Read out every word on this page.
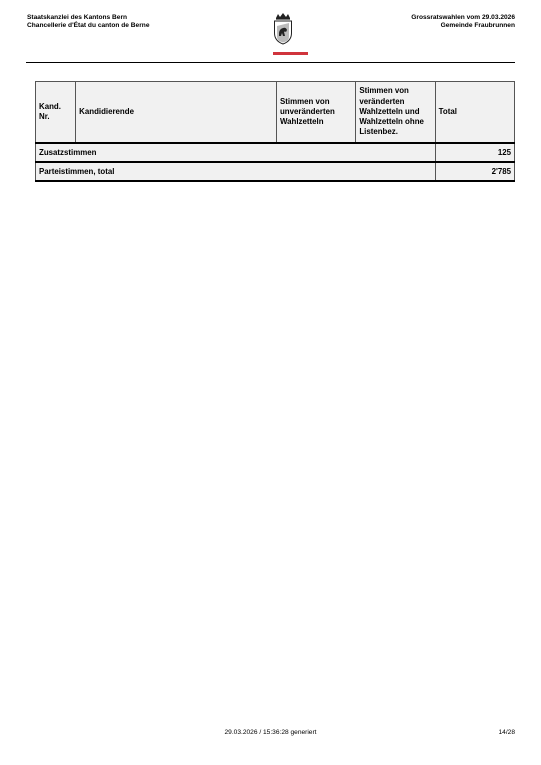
Staatskanzlei des Kantons Bern
Chancellerie d'État du canton de Berne
Grossratswahlen vom 29.03.2026
Gemeinde Fraubrunnen
Kand. Nr.	Kandidierende	Stimmen von unveränderten Wahlzetteln	Stimmen von veränderten Wahlzetteln und Wahlzetteln ohne Listenbez.	Total
Zusatzstimmen				125
Parteistimmen, total				2'785
29.03.2026 / 15:36:28 generiert	14/28
